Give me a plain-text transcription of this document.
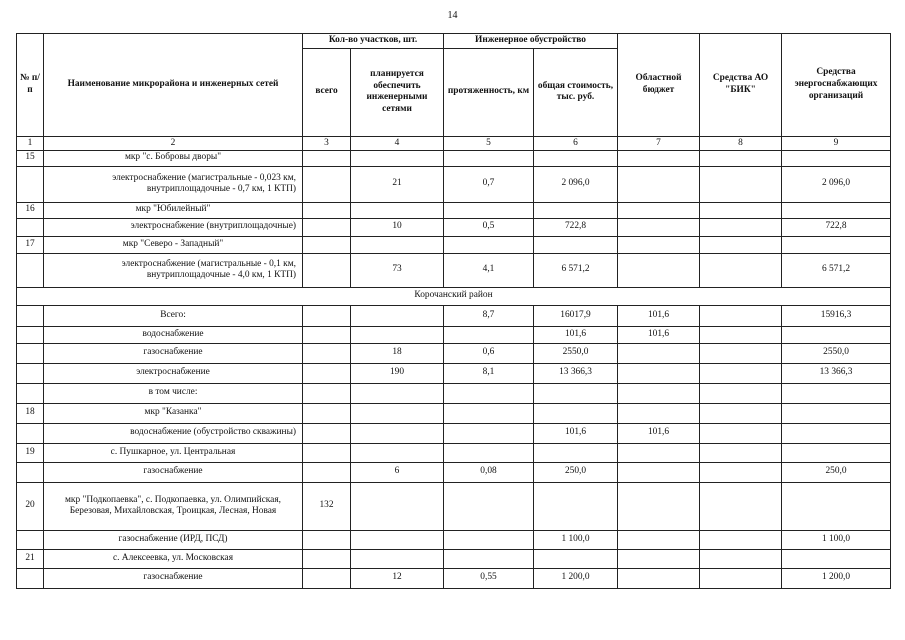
14
№ п/п	Наименование микрорайона и инженерных сетей	Кол-во участков, шт.		Инженерное обустройство		Областной бюджет	Средства АО "БИК"	Средства энергоснабжающих организаций
		всего	планируется обеспечить инженерными сетями	протяженность, км	общая стоимость, тыс. руб.			
1	2	3	4	5	6	7	8	9
15	мкр "с. Бобровы дворы"							
	электроснабжение (магистральные - 0,023 км, внутриплощадочные - 0,7 км, 1 КТП)		21	0,7	2 096,0			2 096,0
16	мкр "Юбилейный"							
	электроснабжение (внутриплощадочные)		10	0,5	722,8			722,8
17	мкр "Северо - Западный"							
	электроснабжение (магистральные - 0,1 км, внутриплощадочные - 4,0 км, 1 КТП)		73	4,1	6 571,2			6 571,2
Корочанский район								
	Всего:			8,7	16017,9	101,6		15916,3
	водоснабжение				101,6	101,6		
	газоснабжение		18	0,6	2550,0			2550,0
	электроснабжение		190	8,1	13 366,3			13 366,3
	в том числе:							
18	мкр "Казанка"							
	водоснабжение (обустройство скважины)				101,6	101,6		
19	с. Пушкарное, ул. Центральная							
	газоснабжение		6	0,08	250,0			250,0
20	мкр "Подкопаевка", с. Подкопаевка, ул. Олимпийская, Березовая, Михайловская, Троицкая, Лесная, Новая	132						
	газоснабжение (ИРД, ПСД)				1 100,0			1 100,0
21	с. Алексеевка, ул. Московская							
	газоснабжение		12	0,55	1 200,0			1 200,0
